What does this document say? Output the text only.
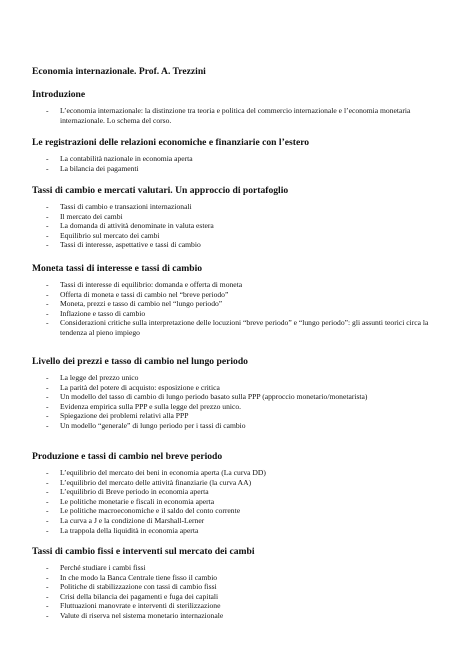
Economia internazionale. Prof. A. Trezzini
Introduzione
- L’economia internazionale: la distinzione tra teoria e politica del commercio internazionale e l’economia monetaria internazionale. Lo schema del corso.
Le registrazioni delle relazioni economiche e finanziarie con l’estero
- La contabilità nazionale in economia aperta
- La bilancia dei pagamenti
Tassi di cambio e mercati valutari. Un approccio di portafoglio
- Tassi di cambio e transazioni internazionali
- Il mercato dei cambi
- La domanda di attività denominate in valuta estera
- Equilibrio sul mercato dei cambi
- Tassi di interesse, aspettative e tassi di cambio
Moneta tassi di interesse e tassi di cambio
- Tassi di interesse di equilibrio: domanda e offerta di moneta
- Offerta di moneta e tassi di cambio nel “breve periodo”
- Moneta, prezzi e tasso di cambio nel “lungo periodo”
- Inflazione e tasso di cambio
- Considerazioni critiche sulla interpretazione delle locuzioni “breve periodo” e “lungo periodo”: gli assunti teorici circa la tendenza al pieno impiego
Livello dei prezzi e tasso di cambio nel lungo periodo
- La legge del prezzo unico
- La parità del potere di acquisto: esposizione e critica
- Un modello del tasso di cambio di lungo periodo basato sulla PPP (approccio monetario/monetarista)
- Evidenza empirica sulla PPP e sulla legge del prezzo unico.
- Spiegazione dei problemi relativi alla PPP
- Un modello “generale” di lungo periodo per i tassi di cambio
Produzione e tassi di cambio nel breve periodo
- L’equilibrio del mercato dei beni in economia aperta (La curva DD)
- L’equilibrio del mercato delle attività finanziarie (la curva AA)
- L’equilibrio di Breve periodo in economia aperta
- Le politiche monetarie e fiscali in economia aperta
- Le politiche macroeconomiche e il saldo del conto corrente
- La curva a J e la condizione di Marshall-Lerner
- La trappola della liquidità in economia aperta
Tassi di cambio fissi e interventi sul mercato dei cambi
- Perché studiare i cambi fissi
- In che modo la Banca Centrale tiene fisso il cambio
- Politiche di stabilizzazione con tassi di cambio fissi
- Crisi della bilancia dei pagamenti e fuga dei capitali
- Fluttuazioni manovrate e interventi di sterilizzazione
- Valute di riserva nel sistema monetario internazionale
